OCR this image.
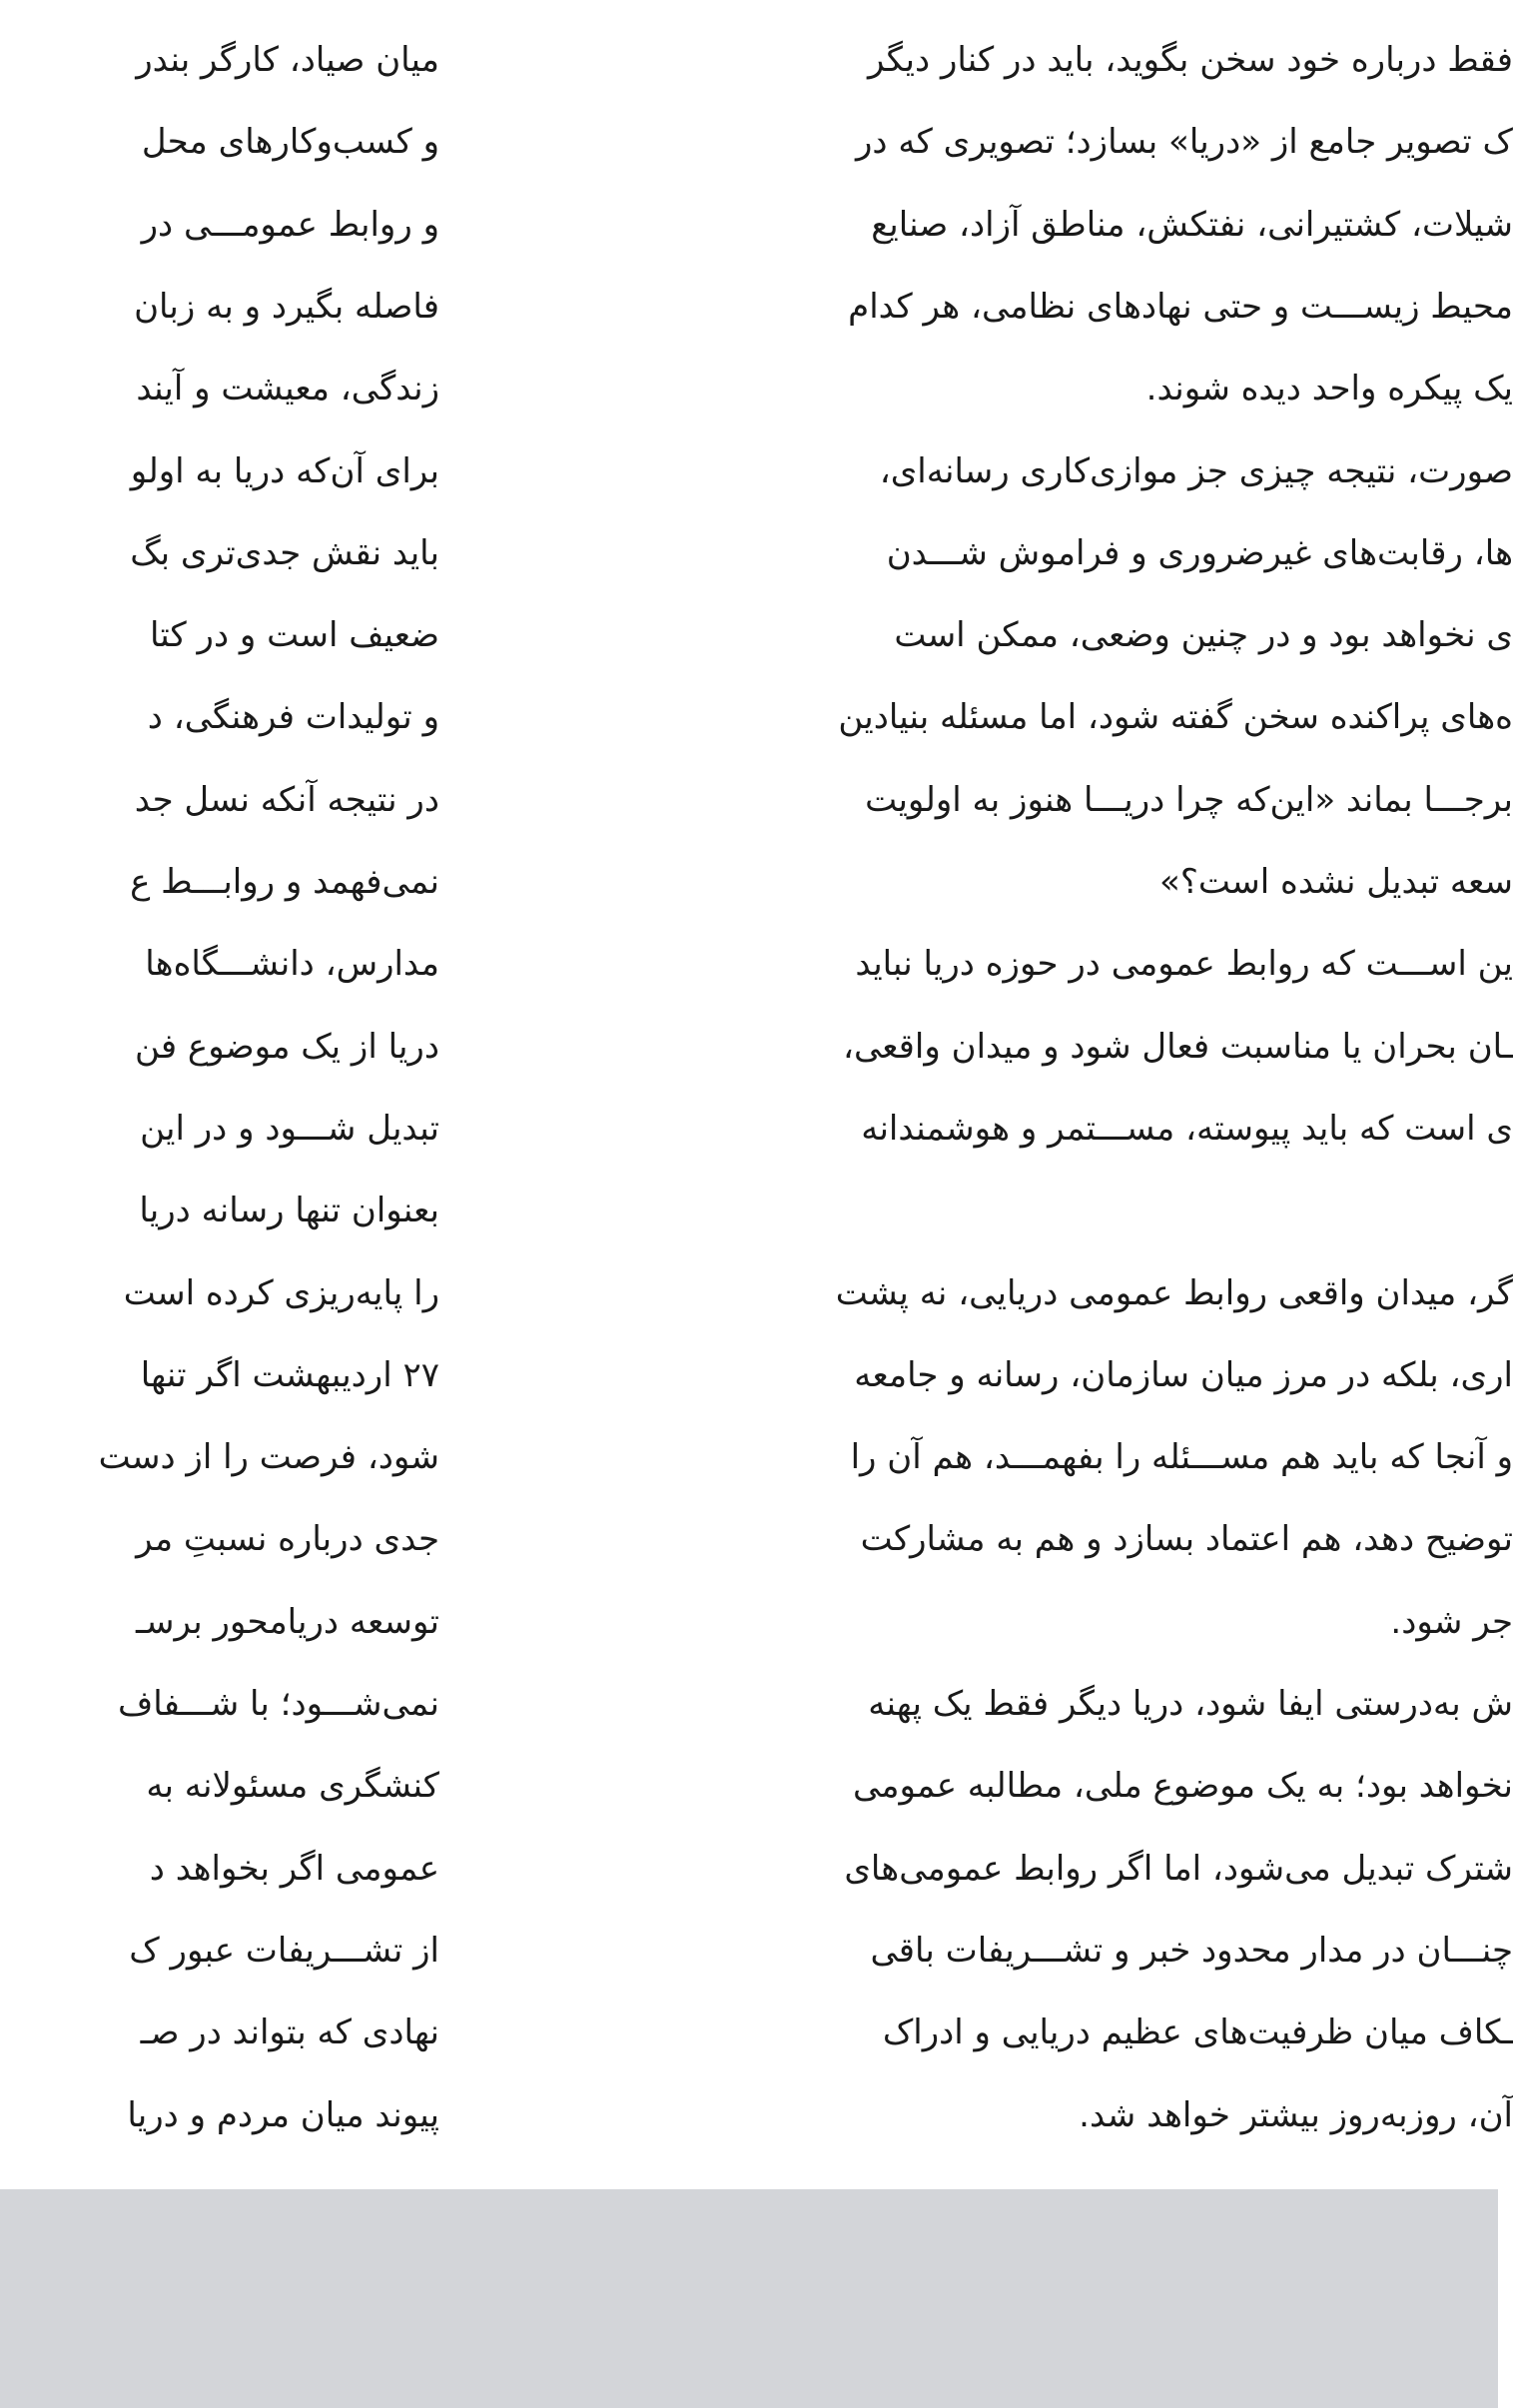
فقط درباره خود سخن بگوید، باید در کنار دیگر
ک تصویر جامع از «دریا» بسازد؛ تصویری که در
شیلات، کشتیرانی، نفتکش، مناطق آزاد، صنایع
محیط زیســـت و حتی نهادهای نظامی، هر کدام
یک پیکره واحد دیده شوند.
صورت، نتیجه چیزی جز موازی‌کاری رسانه‌ای،
ها، رقابت‌های غیرضروری و فراموش شـــدن
ی نخواهد بود و در چنین وضعی، ممکن است
ه‌های پراکنده سخن گفته شود، اما مسئله بنیادین
برجـــا بماند «این‌که چرا دریـــا هنوز به اولویت
سعه تبدیل نشده است؟»
ین اســـت که روابط عمومی در حوزه دریا نباید
ـان بحران یا مناسبت فعال شود و میدان واقعی،
ی است که باید پیوسته، مســـتمر و هوشمندانه
گر، میدان واقعی روابط عمومی دریایی، نه پشت
اری، بلکه در مرز میان سازمان، رسانه و جامعه
و آنجا که باید هم مســـئله را بفهمـــد، هم آن را
توضیح دهد، هم اعتماد بسازد و هم به مشارکت
جر شود.
ش به‌درستی ایفا شود، دریا دیگر فقط یک پهنه
نخواهد بود؛ به یک موضوع ملی، مطالبه عمومی
شترک تبدیل می‌شود، اما اگر روابط عمومی‌های
چنـــان در مدار محدود خبر و تشـــریفات باقی
ـکاف میان ظرفیت‌های عظیم دریایی و ادراک
آن، روزبه‌روز بیشتر خواهد شد.
میان صیاد، کارگر بندر
و کسب‌وکارهای محل
و روابط عمومـــی در
فاصله بگیرد و به زبان
زندگی، معیشت و آیند
برای آن‌که دریا به اولو
باید نقش جدی‌تری بگ
ضعیف است و در کتا
و تولیدات فرهنگی، د
در نتیجه آنکه نسل جد
نمی‌فهمد و روابـــط ع
مدارس، دانشـــگاه‌ها
دریا از یک موضوع فن
تبدیل شـــود و در این
بعنوان تنها رسانه دریا
را پایه‌ریزی کرده است
۲۷ اردیبهشت اگر تنها
شود، فرصت را از دست
جدی درباره نسبتِ مر
توسعه دریامحور برسـ
نمی‌شـــود؛ با شـــفاف
کنشگری مسئولانه به
عمومی اگر بخواهد د
از تشـــریفات عبور ک
نهادی که بتواند در صـ
پیوند میان مردم و دریا
